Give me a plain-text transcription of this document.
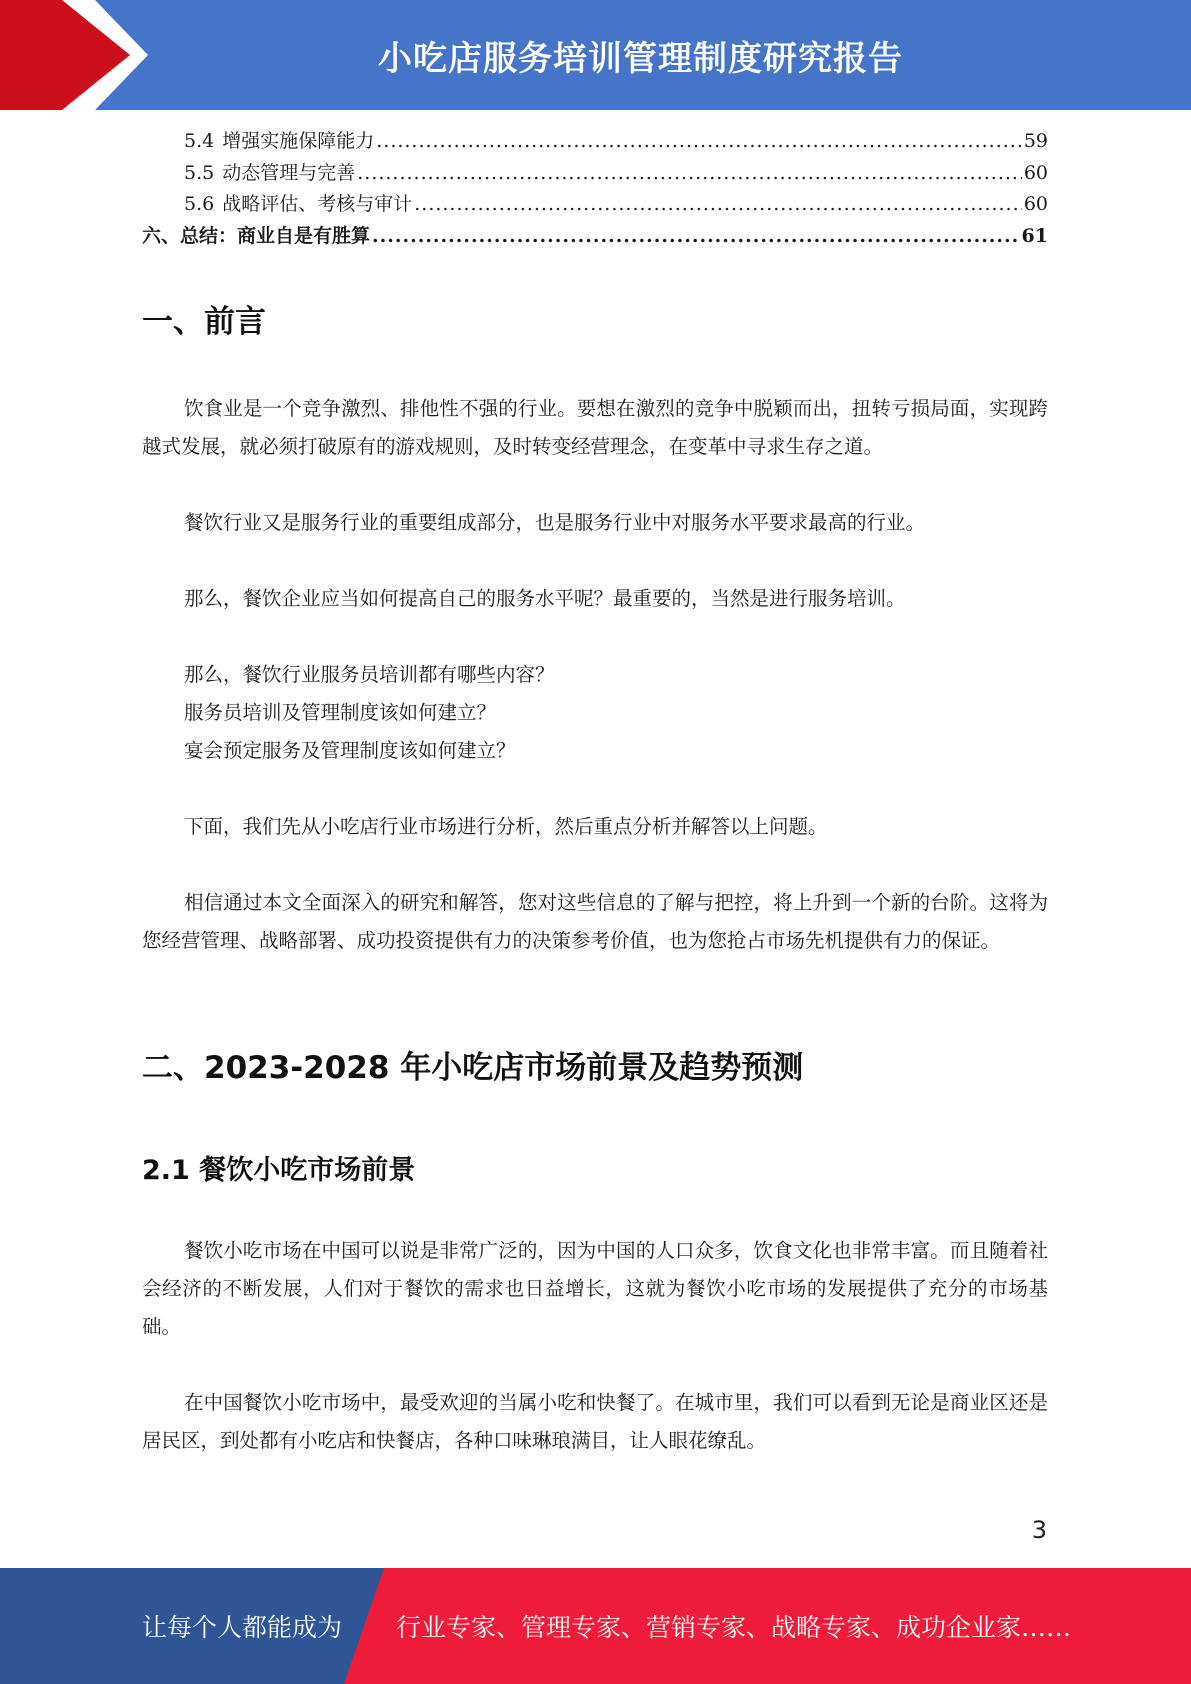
小吃店服务培训管理制度研究报告
5.4 增强实施保障能力 .....	59
5.5 动态管理与完善 .....	60
5.6 战略评估、考核与审计 .....	60
六、总结：商业自是有胜算 .....	61
一、前言

饮食业是一个竞争激烈、排他性不强的行业。要想在激烈的竞争中脱颖而出，扭转亏损局面，实现跨越式发展，就必须打破原有的游戏规则，及时转变经营理念，在变革中寻求生存之道。

餐饮行业又是服务行业的重要组成部分，也是服务行业中对服务水平要求最高的行业。

那么，餐饮企业应当如何提高自己的服务水平呢？最重要的，当然是进行服务培训。

那么，餐饮行业服务员培训都有哪些内容？
服务员培训及管理制度该如何建立？
宴会预定服务及管理制度该如何建立？

下面，我们先从小吃店行业市场进行分析，然后重点分析并解答以上问题。

相信通过本文全面深入的研究和解答，您对这些信息的了解与把控，将上升到一个新的台阶。这将为您经营管理、战略部署、成功投资提供有力的决策参考价值，也为您抢占市场先机提供有力的保证。

二、2023-2028 年小吃店市场前景及趋势预测
2.1 餐饮小吃市场前景

餐饮小吃市场在中国可以说是非常广泛的，因为中国的人口众多，饮食文化也非常丰富。而且随着社会经济的不断发展，人们对于餐饮的需求也日益增长，这就为餐饮小吃市场的发展提供了充分的市场基础。

在中国餐饮小吃市场中，最受欢迎的当属小吃和快餐了。在城市里，我们可以看到无论是商业区还是居民区，到处都有小吃店和快餐店，各种口味琳琅满目，让人眼花缭乱。

3
让每个人都能成为 行业专家、管理专家、营销专家、战略专家、成功企业家……
